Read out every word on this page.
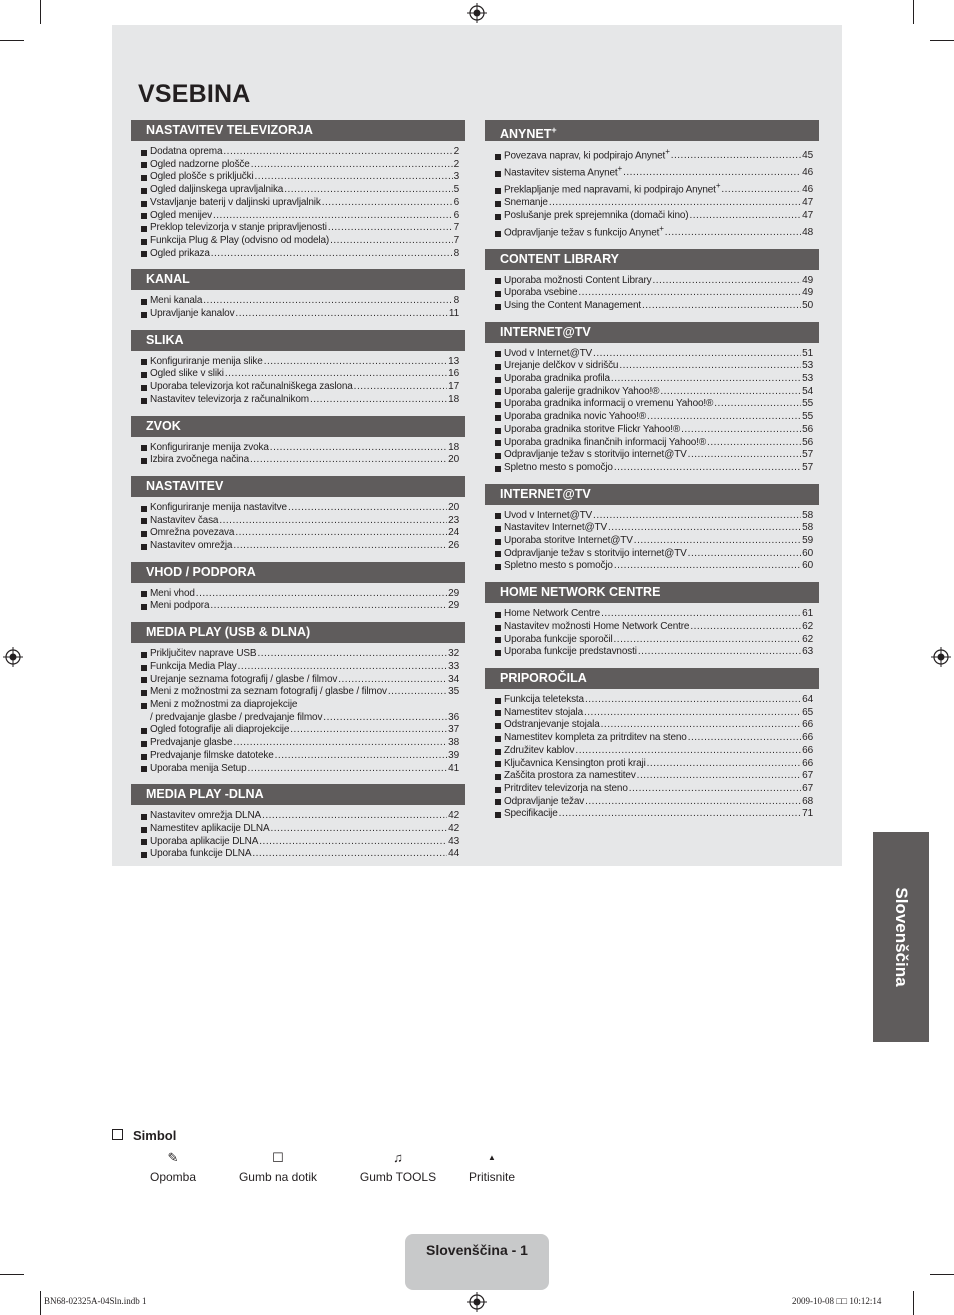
VSEBINA
NASTAVITEV TELEVIZORJA
Dodatna oprema .....	2
Ogled nadzorne plošče .....	2
Ogled plošče s priključki .....	3
Ogled daljinskega upravljalnika .....	5
Vstavljanje baterij v daljinski upravljalnik .....	6
Ogled menijev .....	6
Preklop televizorja v stanje pripravljenosti .....	7
Funkcija Plug & Play (odvisno od modela) .....	7
Ogled prikaza .....	8
KANAL
Meni kanala .....	8
Upravljanje kanalov .....	11
SLIKA
Konfiguriranje menija slike .....	13
Ogled slike v sliki .....	16
Uporaba televizorja kot računalniškega zaslona .....	17
Nastavitev televizorja z računalnikom .....	18
ZVOK
Konfiguriranje menija zvoka .....	18
Izbira zvočnega načina .....	20
NASTAVITEV
Konfiguriranje menija nastavitve .....	20
Nastavitev časa .....	23
Omrežna povezava .....	24
Nastavitev omrežja .....	26
VHOD / PODPORA
Meni vhod .....	29
Meni podpora .....	29
MEDIA PLAY (USB & DLNA)
Priključitev naprave USB .....	32
Funkcija Media Play .....	33
Urejanje seznama fotografij / glasbe / filmov .....	34
Meni z možnostmi za seznam fotografij / glasbe / filmov .....	35
Meni z možnostmi za diaprojekcije
/ predvajanje glasbe / predvajanje filmov .....	36
Ogled fotografije ali diaprojekcije .....	37
Predvajanje glasbe .....	38
Predvajanje filmske datoteke .....	39
Uporaba menija Setup .....	41
MEDIA PLAY -DLNA
Nastavitev omrežja DLNA .....	42
Namestitev aplikacije DLNA .....	42
Uporaba aplikacije DLNA .....	43
Uporaba funkcije DLNA .....	44
ANYNET+
Povezava naprav, ki podpirajo Anynet+ .....	45
Nastavitev sistema Anynet+ .....	46
Preklapljanje med napravami, ki podpirajo Anynet+ .....	46
Snemanje .....	47
Poslušanje prek sprejemnika (domači kino) .....	47
Odpravljanje težav s funkcijo Anynet+ .....	48
CONTENT LIBRARY
Uporaba možnosti Content Library .....	49
Uporaba vsebine .....	49
Using the Content Management .....	50
INTERNET@TV
Uvod v Internet@TV .....	51
Urejanje delčkov v sidrišču .....	53
Uporaba gradnika profila .....	53
Uporaba galerije gradnikov Yahoo!® .....	54
Uporaba gradnika informacij o vremenu Yahoo!® .....	55
Uporaba gradnika novic Yahoo!® .....	55
Uporaba gradnika storitve Flickr Yahoo!® .....	56
Uporaba gradnika finančnih informacij Yahoo!® .....	56
Odpravljanje težav s storitvijo internet@TV .....	57
Spletno mesto s pomočjo .....	57
INTERNET@TV
Uvod v Internet@TV .....	58
Nastavitev Internet@TV .....	58
Uporaba storitve Internet@TV .....	59
Odpravljanje težav s storitvijo internet@TV .....	60
Spletno mesto s pomočjo .....	60
HOME NETWORK CENTRE
Home Network Centre .....	61
Nastavitev možnosti Home Network Centre .....	62
Uporaba funkcije sporočil .....	62
Uporaba funkcije predstavnosti .....	63
PRIPOROČILA
Funkcija teleteksta .....	64
Namestitev stojala .....	65
Odstranjevanje stojala .....	66
Namestitev kompleta za pritrditev na steno .....	66
Združitev kablov .....	66
Ključavnica Kensington proti kraji .....	66
Zaščita prostora za namestitev .....	67
Pritrditev televizorja na steno .....	67
Odpravljanje težav .....	68
Specifikacije .....	71
Slovenščina
Simbol
✎
Opomba
☐
Gumb na dotik
♫
Gumb TOOLS
▲
Pritisnite
Slovenščina - 1
BN68-02325A-04Sln.indb 1	2009-10-08 □□ 10:12:14
